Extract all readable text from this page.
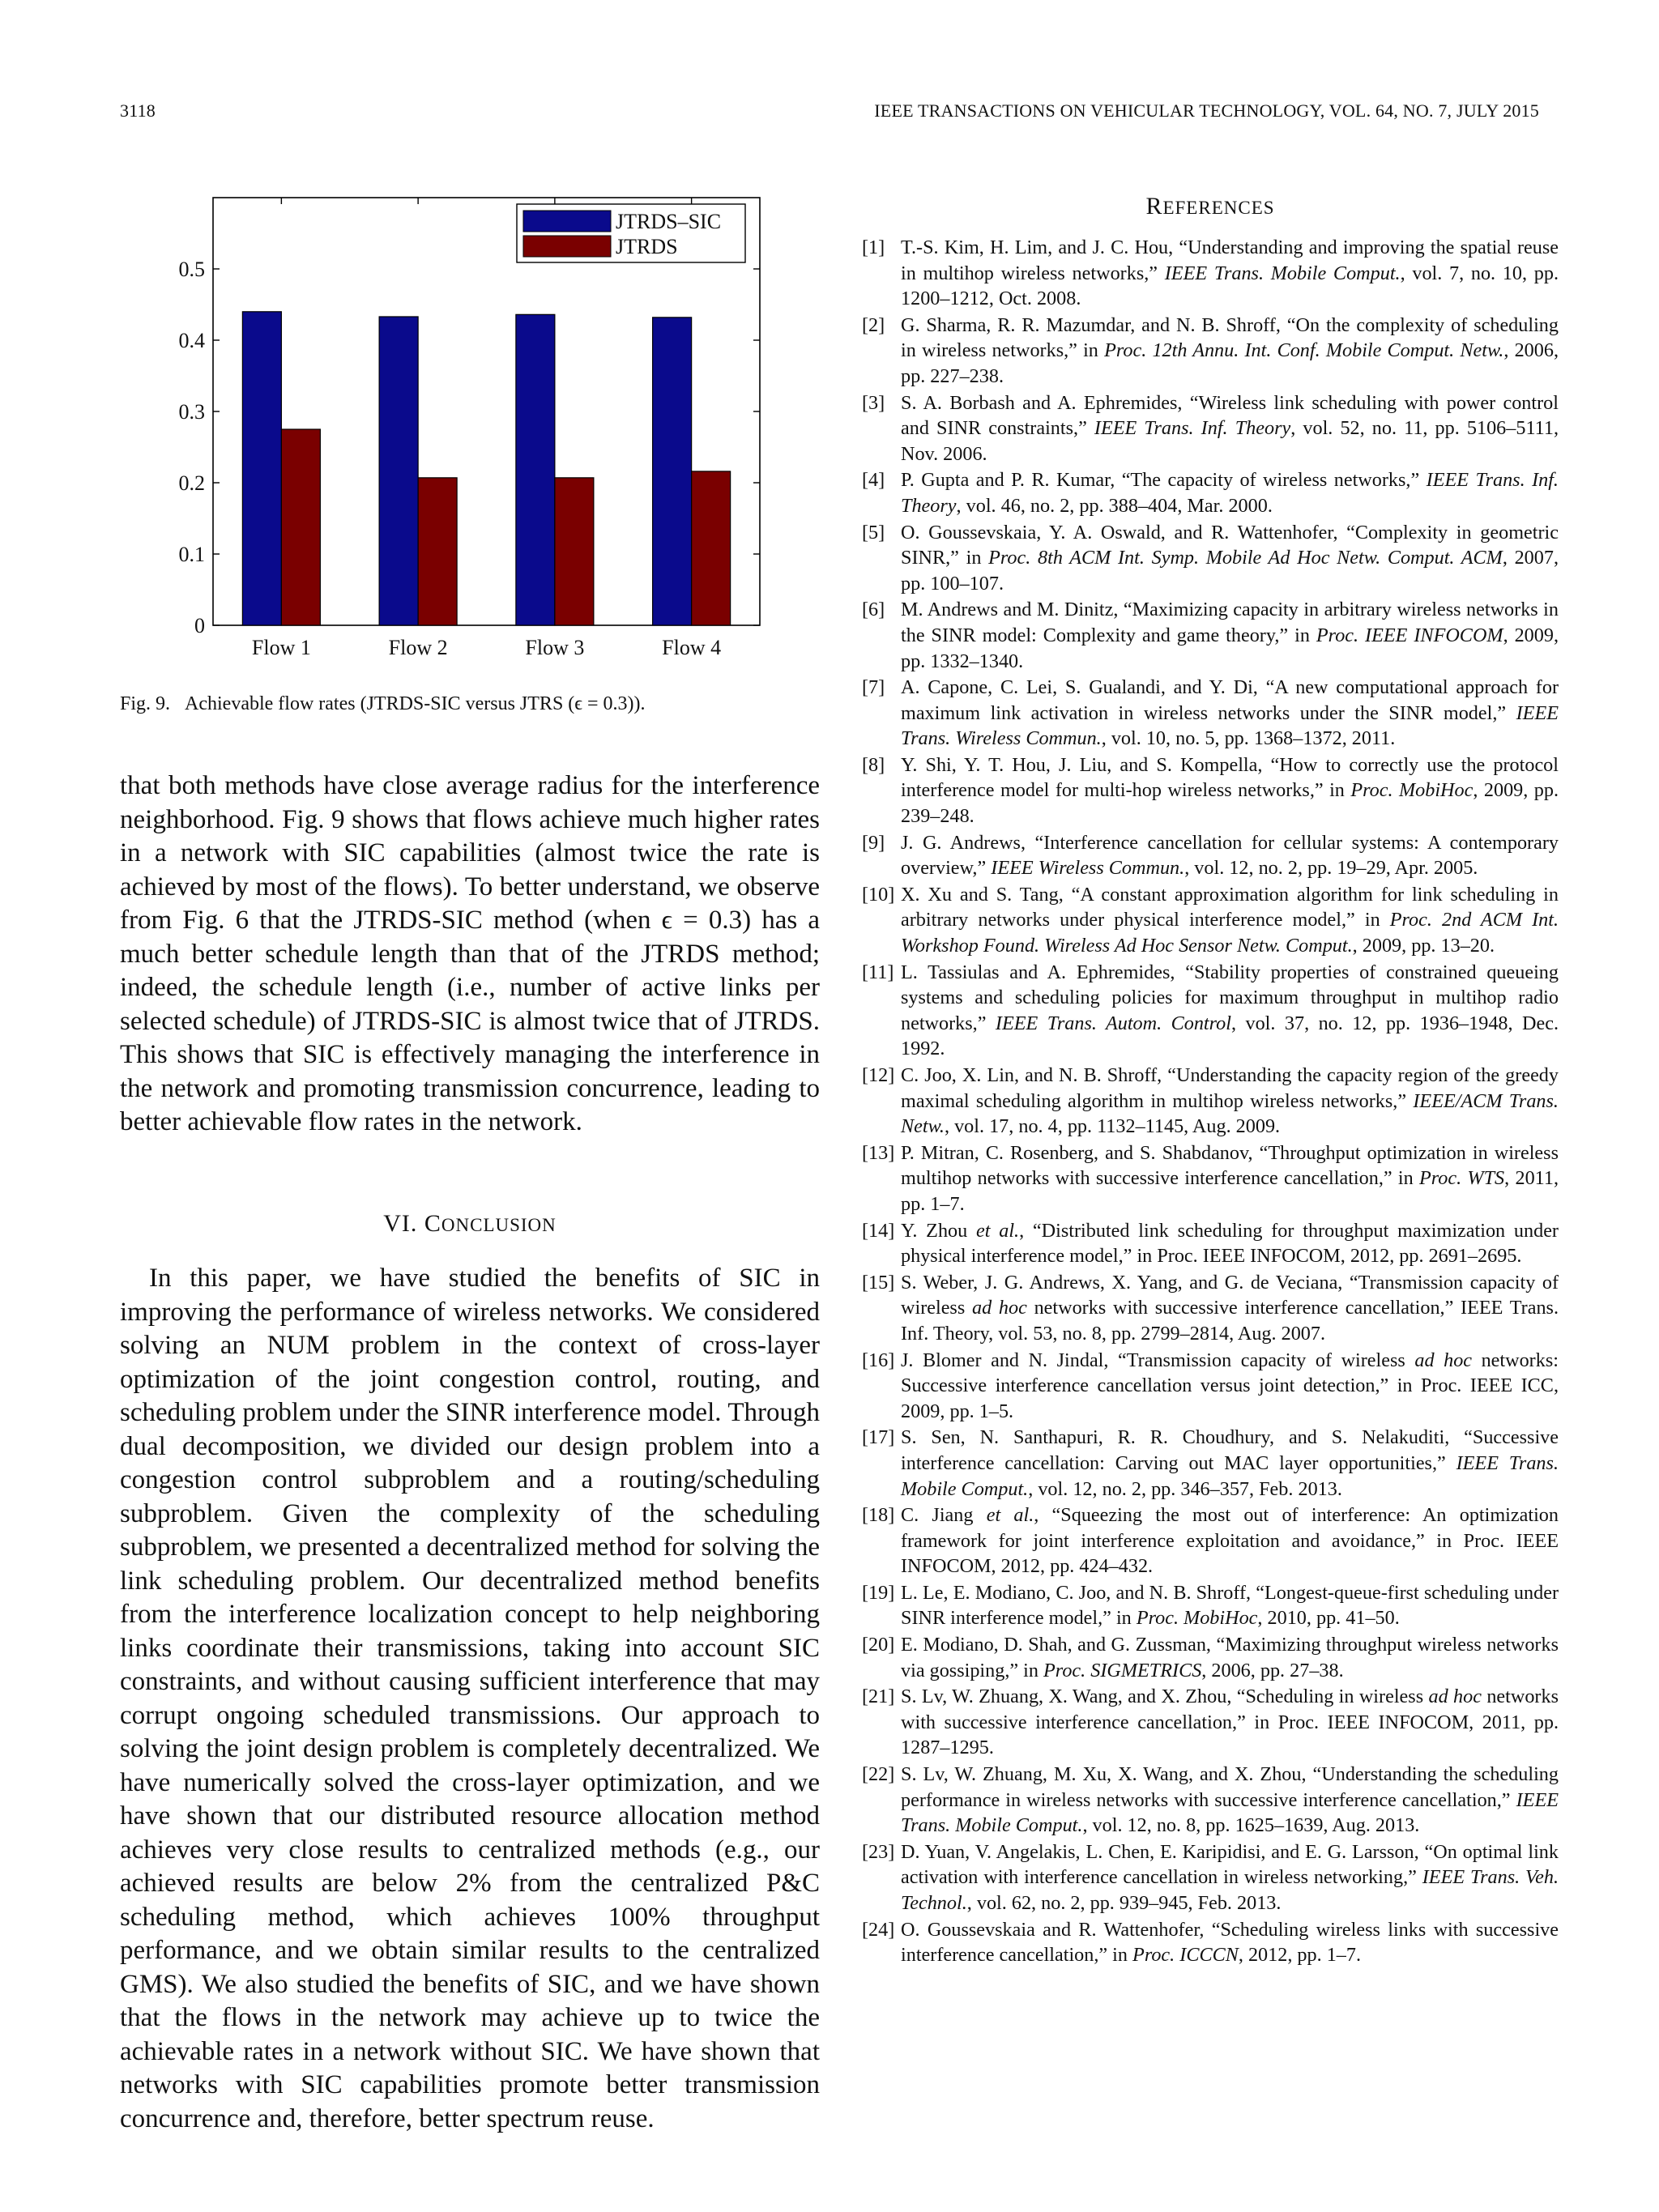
3118	IEEE TRANSACTIONS ON VEHICULAR TECHNOLOGY, VOL. 64, NO. 7, JULY 2015
0
0.1
0.2
0.3
0.4
0.5
Flow 1	Flow 2	Flow 3	Flow 4
JTRDS–SIC
JTRDS
Fig. 9. Achievable flow rates (JTRDS-SIC versus JTRS (ϵ = 0.3)).

that both methods have close average radius for the interference neighborhood. Fig. 9 shows that flows achieve much higher rates in a network with SIC capabilities (almost twice the rate is achieved by most of the flows). To better understand, we observe from Fig. 6 that the JTRDS-SIC method (when ϵ = 0.3) has a much better schedule length than that of the JTRDS method; indeed, the schedule length (i.e., number of active links per selected schedule) of JTRDS-SIC is almost twice that of JTRDS. This shows that SIC is effectively managing the interference in the network and promoting transmission concurrence, leading to better achievable flow rates in the network.

VI. CONCLUSION

In this paper, we have studied the benefits of SIC in improving the performance of wireless networks. We considered solving an NUM problem in the context of cross-layer optimization of the joint congestion control, routing, and scheduling problem under the SINR interference model. Through dual decomposition, we divided our design problem into a congestion control subproblem and a routing/scheduling subproblem. Given the complexity of the scheduling subproblem, we presented a decentralized method for solving the link scheduling problem. Our decentralized method benefits from the interference localization concept to help neighboring links coordinate their transmissions, taking into account SIC constraints, and without causing sufficient interference that may corrupt ongoing scheduled transmissions. Our approach to solving the joint design problem is completely decentralized. We have numerically solved the cross-layer optimization, and we have shown that our distributed resource allocation method achieves very close results to centralized methods (e.g., our achieved results are below 2% from the centralized P&C scheduling method, which achieves 100% throughput performance, and we obtain similar results to the centralized GMS). We also studied the benefits of SIC, and we have shown that the flows in the network may achieve up to twice the achievable rates in a network without SIC. We have shown that networks with SIC capabilities promote better transmission concurrence and, therefore, better spectrum reuse.

REFERENCES
[1] T.-S. Kim, H. Lim, and J. C. Hou, “Understanding and improving the spatial reuse in multihop wireless networks,” IEEE Trans. Mobile Comput., vol. 7, no. 10, pp. 1200–1212, Oct. 2008.
[2] G. Sharma, R. R. Mazumdar, and N. B. Shroff, “On the complexity of scheduling in wireless networks,” in Proc. 12th Annu. Int. Conf. Mobile Comput. Netw., 2006, pp. 227–238.
[3] S. A. Borbash and A. Ephremides, “Wireless link scheduling with power control and SINR constraints,” IEEE Trans. Inf. Theory, vol. 52, no. 11, pp. 5106–5111, Nov. 2006.
[4] P. Gupta and P. R. Kumar, “The capacity of wireless networks,” IEEE Trans. Inf. Theory, vol. 46, no. 2, pp. 388–404, Mar. 2000.
[5] O. Goussevskaia, Y. A. Oswald, and R. Wattenhofer, “Complexity in geometric SINR,” in Proc. 8th ACM Int. Symp. Mobile Ad Hoc Netw. Comput. ACM, 2007, pp. 100–107.
[6] M. Andrews and M. Dinitz, “Maximizing capacity in arbitrary wireless networks in the SINR model: Complexity and game theory,” in Proc. IEEE INFOCOM, 2009, pp. 1332–1340.
[7] A. Capone, C. Lei, S. Gualandi, and Y. Di, “A new computational approach for maximum link activation in wireless networks under the SINR model,” IEEE Trans. Wireless Commun., vol. 10, no. 5, pp. 1368–1372, 2011.
[8] Y. Shi, Y. T. Hou, J. Liu, and S. Kompella, “How to correctly use the protocol interference model for multi-hop wireless networks,” in Proc. MobiHoc, 2009, pp. 239–248.
[9] J. G. Andrews, “Interference cancellation for cellular systems: A contemporary overview,” IEEE Wireless Commun., vol. 12, no. 2, pp. 19–29, Apr. 2005.
[10] X. Xu and S. Tang, “A constant approximation algorithm for link scheduling in arbitrary networks under physical interference model,” in Proc. 2nd ACM Int. Workshop Found. Wireless Ad Hoc Sensor Netw. Comput., 2009, pp. 13–20.
[11] L. Tassiulas and A. Ephremides, “Stability properties of constrained queueing systems and scheduling policies for maximum throughput in multihop radio networks,” IEEE Trans. Autom. Control, vol. 37, no. 12, pp. 1936–1948, Dec. 1992.
[12] C. Joo, X. Lin, and N. B. Shroff, “Understanding the capacity region of the greedy maximal scheduling algorithm in multihop wireless networks,” IEEE/ACM Trans. Netw., vol. 17, no. 4, pp. 1132–1145, Aug. 2009.
[13] P. Mitran, C. Rosenberg, and S. Shabdanov, “Throughput optimization in wireless multihop networks with successive interference cancellation,” in Proc. WTS, 2011, pp. 1–7.
[14] Y. Zhou et al., “Distributed link scheduling for throughput maximization under physical interference model,” in Proc. IEEE INFOCOM, 2012, pp. 2691–2695.
[15] S. Weber, J. G. Andrews, X. Yang, and G. de Veciana, “Transmission capacity of wireless ad hoc networks with successive interference cancellation,” IEEE Trans. Inf. Theory, vol. 53, no. 8, pp. 2799–2814, Aug. 2007.
[16] J. Blomer and N. Jindal, “Transmission capacity of wireless ad hoc networks: Successive interference cancellation versus joint detection,” in Proc. IEEE ICC, 2009, pp. 1–5.
[17] S. Sen, N. Santhapuri, R. R. Choudhury, and S. Nelakuditi, “Successive interference cancellation: Carving out MAC layer opportunities,” IEEE Trans. Mobile Comput., vol. 12, no. 2, pp. 346–357, Feb. 2013.
[18] C. Jiang et al., “Squeezing the most out of interference: An optimization framework for joint interference exploitation and avoidance,” in Proc. IEEE INFOCOM, 2012, pp. 424–432.
[19] L. Le, E. Modiano, C. Joo, and N. B. Shroff, “Longest-queue-first scheduling under SINR interference model,” in Proc. MobiHoc, 2010, pp. 41–50.
[20] E. Modiano, D. Shah, and G. Zussman, “Maximizing throughput wireless networks via gossiping,” in Proc. SIGMETRICS, 2006, pp. 27–38.
[21] S. Lv, W. Zhuang, X. Wang, and X. Zhou, “Scheduling in wireless ad hoc networks with successive interference cancellation,” in Proc. IEEE INFOCOM, 2011, pp. 1287–1295.
[22] S. Lv, W. Zhuang, M. Xu, X. Wang, and X. Zhou, “Understanding the scheduling performance in wireless networks with successive interference cancellation,” IEEE Trans. Mobile Comput., vol. 12, no. 8, pp. 1625–1639, Aug. 2013.
[23] D. Yuan, V. Angelakis, L. Chen, E. Karipidisi, and E. G. Larsson, “On optimal link activation with interference cancellation in wireless networking,” IEEE Trans. Veh. Technol., vol. 62, no. 2, pp. 939–945, Feb. 2013.
[24] O. Goussevskaia and R. Wattenhofer, “Scheduling wireless links with successive interference cancellation,” in Proc. ICCCN, 2012, pp. 1–7.
